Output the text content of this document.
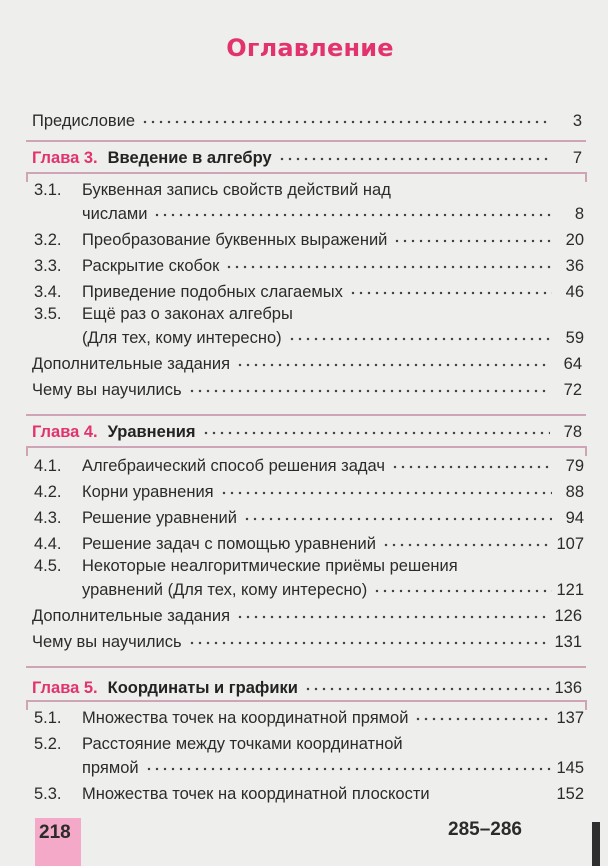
Оглавление
Предисловие	3
Глава 3. Введение в алгебру	7
3.1. Буквенная запись свойств действий над
числами	8
3.2. Преобразование буквенных выражений	20
3.3. Раскрытие скобок	36
3.4. Приведение подобных слагаемых	46
3.5. Ещё раз о законах алгебры
(Для тех, кому интересно)	59
Дополнительные задания	64
Чему вы научились	72
Глава 4. Уравнения	78
4.1. Алгебраический способ решения задач	79
4.2. Корни уравнения	88
4.3. Решение уравнений	94
4.4. Решение задач с помощью уравнений	107
4.5. Некоторые неалгоритмические приёмы решения
уравнений (Для тех, кому интересно)	121
Дополнительные задания	126
Чему вы научились	131
Глава 5. Координаты и графики	136
5.1. Множества точек на координатной прямой	137
5.2. Расстояние между точками координатной
прямой	145
5.3. Множества точек на координатной плоскости	152
218	285–286
